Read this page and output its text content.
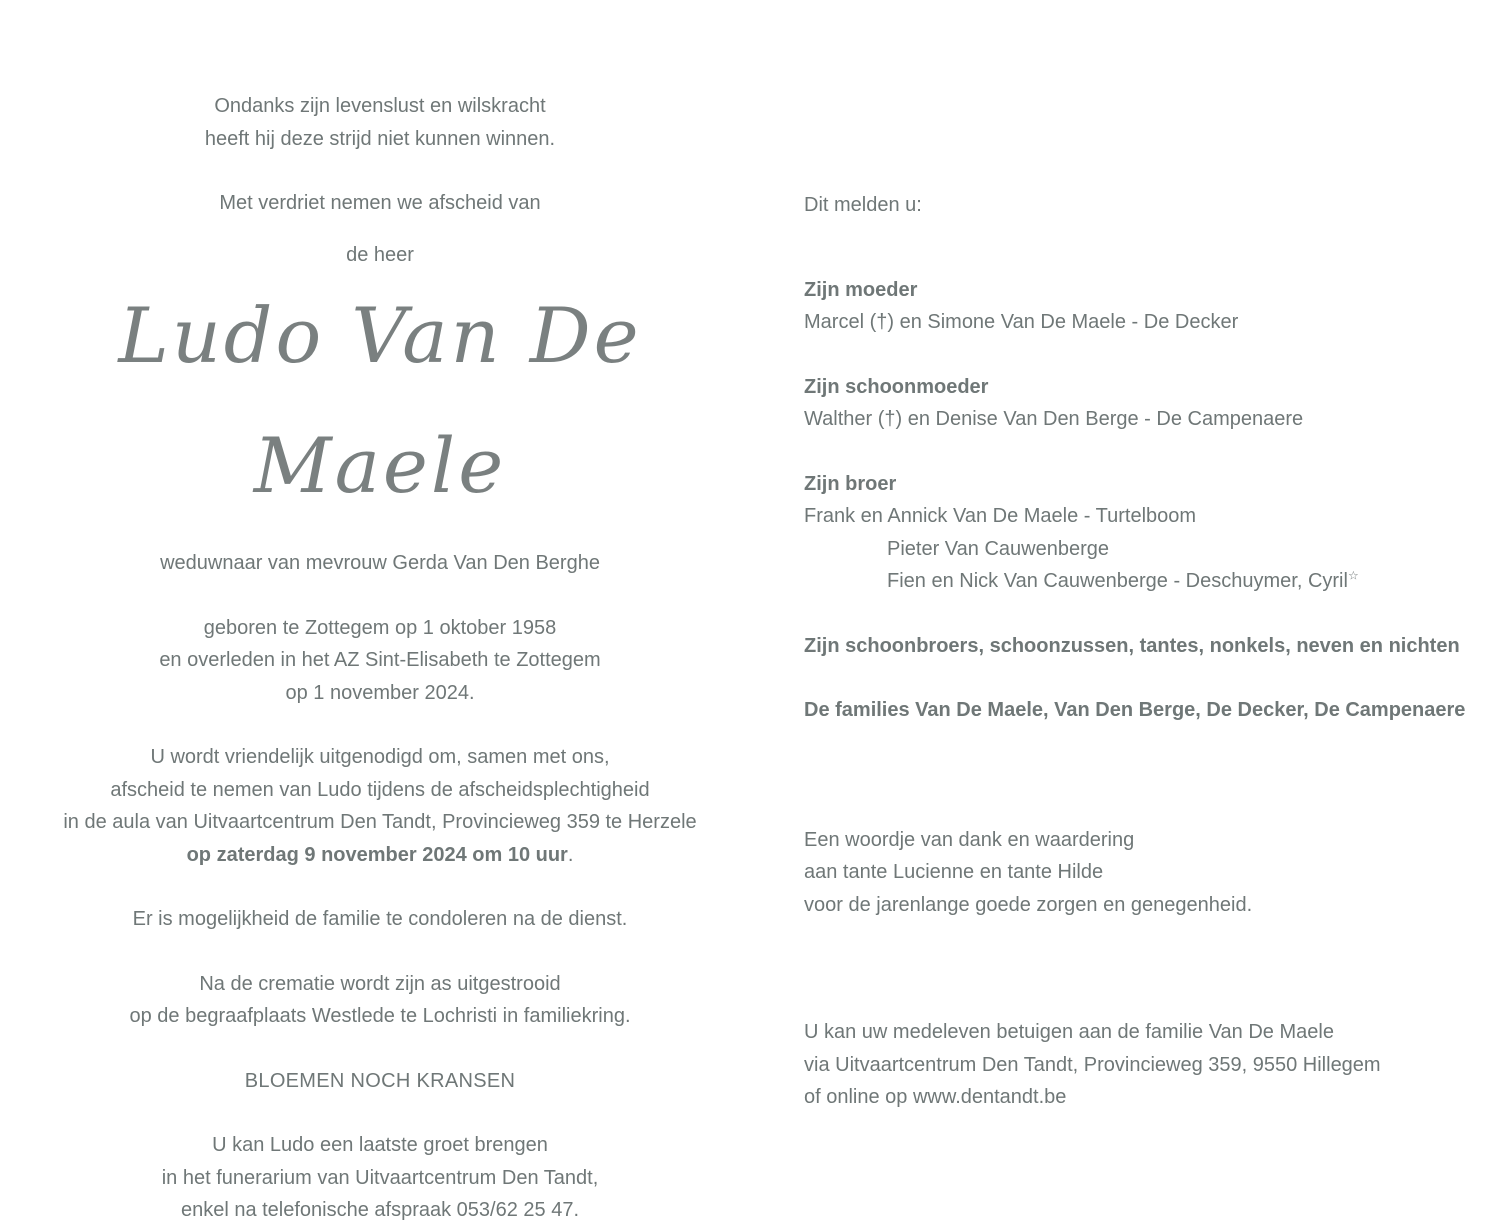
Ondanks zijn levenslust en wilskracht
heeft hij deze strijd niet kunnen winnen.
Met verdriet nemen we afscheid van
de heer
Ludo Van De Maele
weduwnaar van mevrouw Gerda Van Den Berghe
geboren te Zottegem op 1 oktober 1958
en overleden in het AZ Sint-Elisabeth te Zottegem
op 1 november 2024.
U wordt vriendelijk uitgenodigd om, samen met ons,
afscheid te nemen van Ludo tijdens de afscheidsplechtigheid
in de aula van Uitvaartcentrum Den Tandt, Provincieweg 359 te Herzele
op zaterdag 9 november 2024 om 10 uur.
Er is mogelijkheid de familie te condoleren na de dienst.
Na de crematie wordt zijn as uitgestrooid
op de begraafplaats Westlede te Lochristi in familiekring.
BLOEMEN NOCH KRANSEN
U kan Ludo een laatste groet brengen
in het funerarium van Uitvaartcentrum Den Tandt,
enkel na telefonische afspraak 053/62 25 47.
Dit melden u:
Zijn moeder
Marcel (†) en Simone Van De Maele - De Decker
Zijn schoonmoeder
Walther (†) en Denise Van Den Berge - De Campenaere
Zijn broer
Frank en Annick Van De Maele - Turtelboom
Pieter Van Cauwenberge
Fien en Nick Van Cauwenberge - Deschuymer, Cyril☆
Zijn schoonbroers, schoonzussen, tantes, nonkels, neven en nichten
De families Van De Maele, Van Den Berge, De Decker, De Campenaere
Een woordje van dank en waardering
aan tante Lucienne en tante Hilde
voor de jarenlange goede zorgen en genegenheid.
U kan uw medeleven betuigen aan de familie Van De Maele
via Uitvaartcentrum Den Tandt, Provincieweg 359, 9550 Hillegem
of online op www.dentandt.be
